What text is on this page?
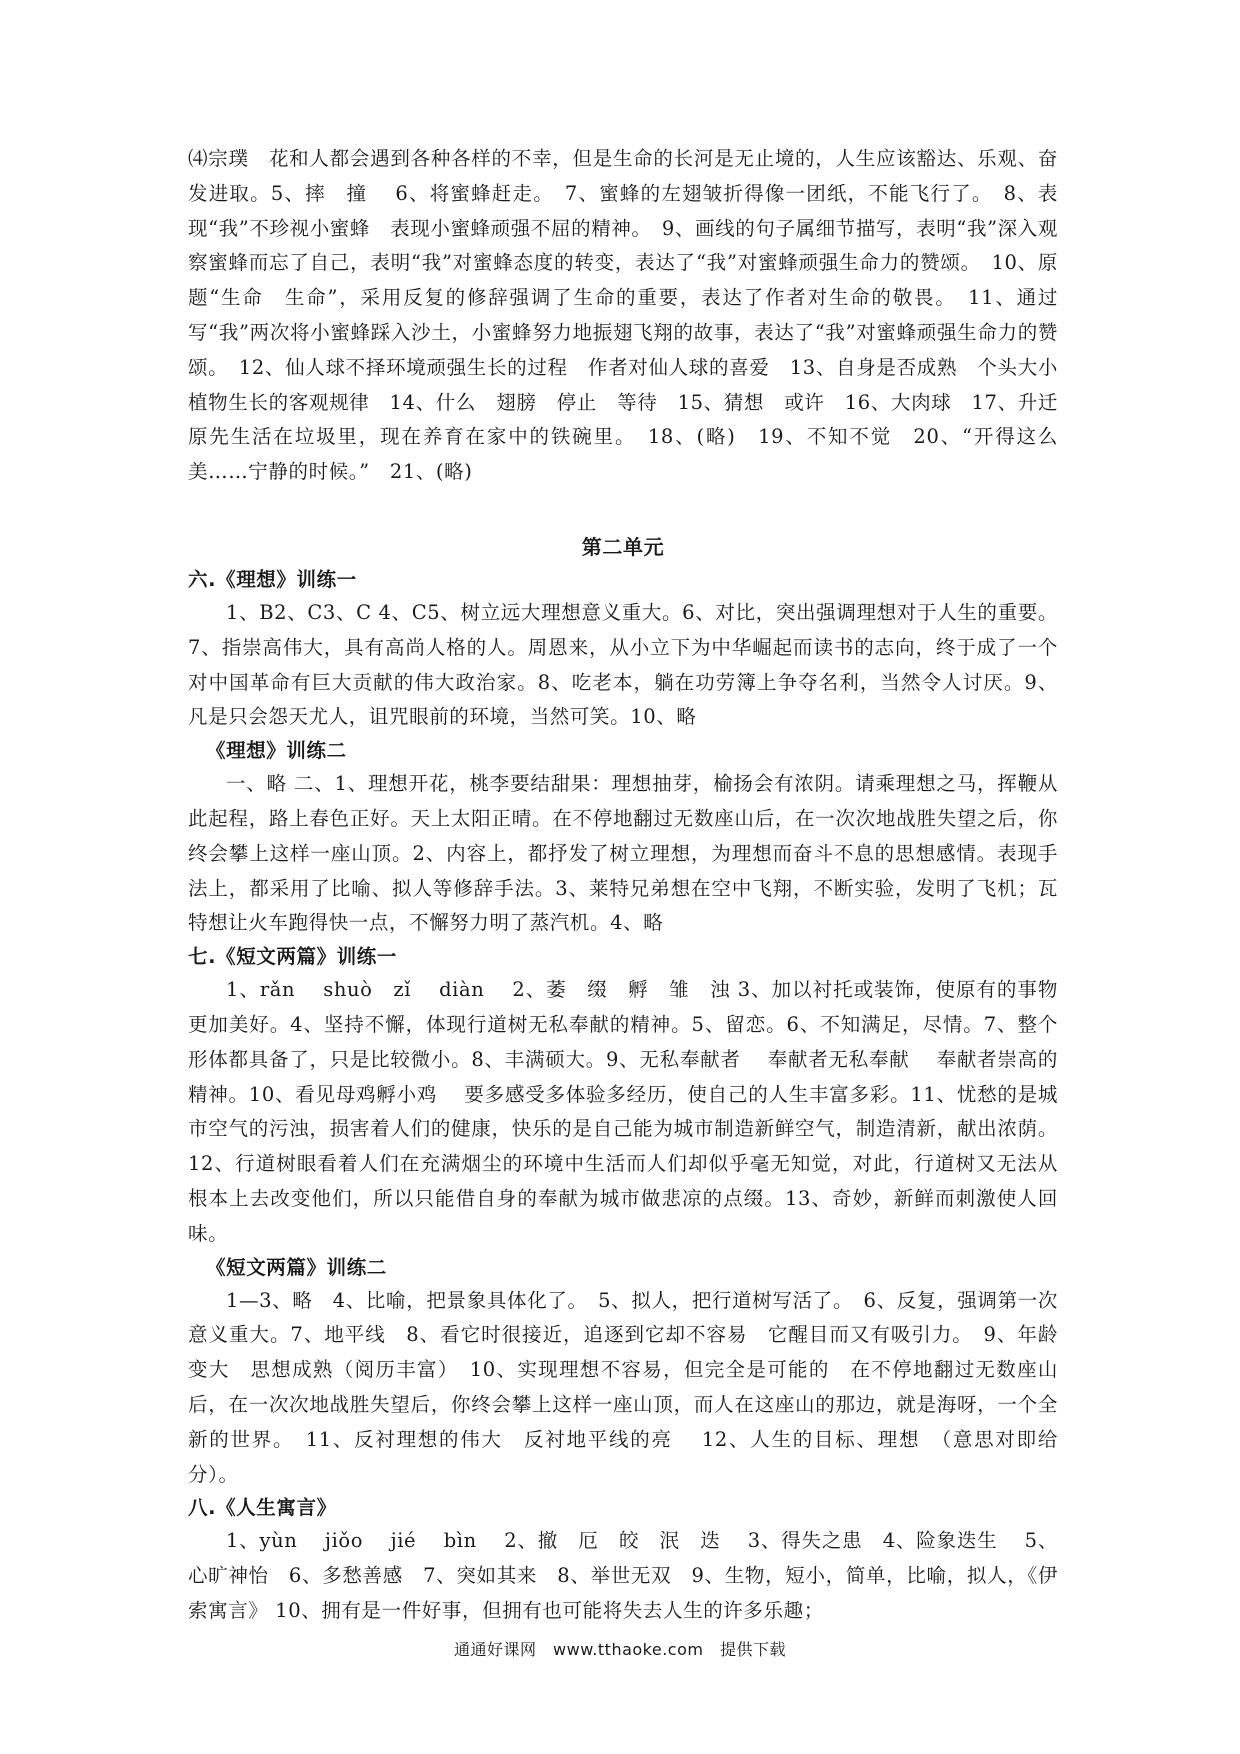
⑷宗璞　花和人都会遇到各种各样的不幸，但是生命的长河是无止境的，人生应该豁达、乐观、奋发进取。5、摔　撞　 6、将蜜蜂赶走。　7、蜜蜂的左翅皱折得像一团纸，不能飞行了。　8、表现“我”不珍视小蜜蜂　表现小蜜蜂顽强不屈的精神。　9、画线的句子属细节描写，表明“我”深入观察蜜蜂而忘了自己，表明“我”对蜜蜂态度的转变，表达了“我”对蜜蜂顽强生命力的赞颂。　10、原题“生命　生命”，采用反复的修辞强调了生命的重要，表达了作者对生命的敬畏。　11、通过写“我”两次将小蜜蜂踩入沙土，小蜜蜂努力地振翅飞翔的故事，表达了“我”对蜜蜂顽强生命力的赞颂。　12、仙人球不择环境顽强生长的过程　作者对仙人球的喜爱　13、自身是否成熟　个头大小植物生长的客观规律　14、什么　翅膀　停止　等待　15、猜想　或许　16、大肉球　17、升迁　原先生活在垃圾里，现在养育在家中的铁碗里。　18、(略)　19、不知不觉　20、“开得这么美……宁静的时候。”　21、(略)

第二单元

六.《理想》训练一

1、B2、C3、C 4、C5、树立远大理想意义重大。6、对比，突出强调理想对于人生的重要。7、指崇高伟大，具有高尚人格的人。周恩来，从小立下为中华崛起而读书的志向，终于成了一个对中国革命有巨大贡献的伟大政治家。8、吃老本，躺在功劳簿上争夺名利，当然令人讨厌。9、凡是只会怨天尤人，诅咒眼前的环境，当然可笑。10、略

《理想》训练二

一、略 二、1、理想开花，桃李要结甜果：理想抽芽，榆扬会有浓阴。请乘理想之马，挥鞭从此起程，路上春色正好。天上太阳正晴。在不停地翻过无数座山后，在一次次地战胜失望之后，你终会攀上这样一座山顶。2、内容上，都抒发了树立理想，为理想而奋斗不息的思想感情。表现手法上，都采用了比喻、拟人等修辞手法。3、莱特兄弟想在空中飞翔，不断实验，发明了飞机；瓦特想让火车跑得快一点，不懈努力明了蒸汽机。4、略

七.《短文两篇》训练一

1、rǎn　 shuò　zǐ　 diàn　 2、萎　缀　孵　雏　浊 3、加以衬托或装饰，使原有的事物更加美好。4、坚持不懈，体现行道树无私奉献的精神。5、留恋。6、不知满足，尽情。7、整个形体都具备了，只是比较微小。8、丰满硕大。9、无私奉献者　 奉献者无私奉献　 奉献者崇高的精神。10、看见母鸡孵小鸡　 要多感受多体验多经历，使自己的人生丰富多彩。11、忧愁的是城市空气的污浊，损害着人们的健康，快乐的是自己能为城市制造新鲜空气，制造清新，献出浓荫。12、行道树眼看着人们在充满烟尘的环境中生活而人们却似乎毫无知觉，对此，行道树又无法从根本上去改变他们，所以只能借自身的奉献为城市做悲凉的点缀。13、奇妙，新鲜而刺激使人回味。

《短文两篇》训练二

1—3、略　4、比喻，把景象具体化了。　5、拟人，把行道树写活了。　6、反复，强调第一次意义重大。7、地平线　8、看它时很接近，追逐到它却不容易　它醒目而又有吸引力。　9、年龄变大　思想成熟（阅历丰富）　10、实现理想不容易，但完全是可能的　在不停地翻过无数座山后，在一次次地战胜失望后，你终会攀上这样一座山顶，而人在这座山的那边，就是海呀，一个全新的世界。　11、反衬理想的伟大　反衬地平线的亮　 12、人生的目标、理想　（意思对即给分）。

八.《人生寓言》

1、yùn　 jiǒo　 jié　 bìn　 2、撤　厄　皎　泯　迭　 3、得失之患　4、险象迭生　 5、心旷神怡　6、多愁善感　7、突如其来　8、举世无双　9、生物，短小，简单，比喻，拟人，《伊索寓言》 10、拥有是一件好事，但拥有也可能将失去人生的许多乐趣；

通通好课网　www.tthaoke.com　提供下载
